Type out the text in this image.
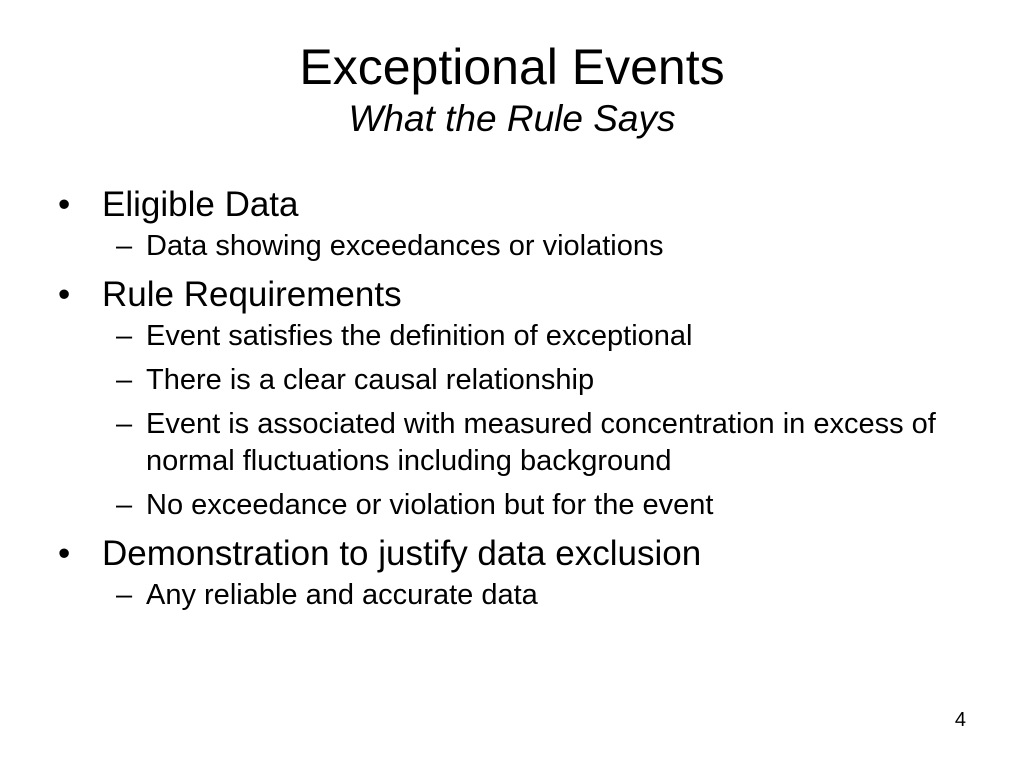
Exceptional Events
What the Rule Says
• Eligible Data
– Data showing exceedances or violations
• Rule Requirements
– Event satisfies the definition of exceptional
– There is a clear causal relationship
– Event is associated with measured concentration in excess of normal fluctuations including background
– No exceedance or violation but for the event
• Demonstration to justify data exclusion
– Any reliable and accurate data
4
